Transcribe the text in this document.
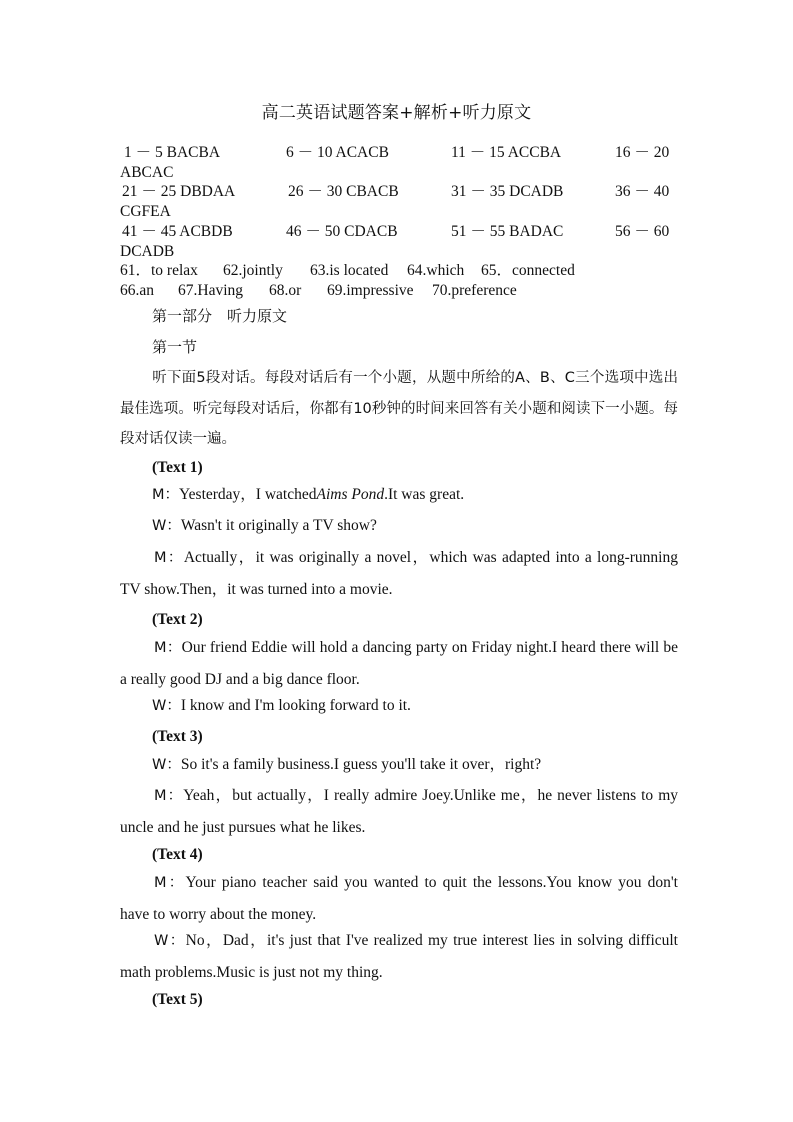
高二英语试题答案+解析+听力原文
1 － 5 BACBA	6 － 10 ACACB	11 － 15 ACCBA	16 － 20
ABCAC
21 － 25 DBDAA	26 － 30 CBACB	31 － 35 DCADB	36 － 40
CGFEA
41 － 45 ACBDB	46 － 50 CDACB	51 － 55 BADAC	56 － 60
DCADB
61．to relax 62.jointly 63.is located 64.which 65．connected
66.an 67.Having 68.or 69.impressive 70.preference
第一部分　听力原文
第一节
听下面5段对话。每段对话后有一个小题，从题中所给的A、B、C三个选项中选出最佳选项。听完每段对话后，你都有10秒钟的时间来回答有关小题和阅读下一小题。每段对话仅读一遍。
(Text 1)
M：Yesterday，I watchedAims Pond.It was great.
W：Wasn't it originally a TV show?
M：Actually，it was originally a novel，which was adapted into a long-running TV show.Then，it was turned into a movie.
(Text 2)
M：Our friend Eddie will hold a dancing party on Friday night.I heard there will be a really good DJ and a big dance floor.
W：I know and I'm looking forward to it.
(Text 3)
W：So it's a family business.I guess you'll take it over，right?
M：Yeah，but actually，I really admire Joey.Unlike me，he never listens to my uncle and he just pursues what he likes.
(Text 4)
M：Your piano teacher said you wanted to quit the lessons.You know you don't have to worry about the money.
W：No，Dad，it's just that I've realized my true interest lies in solving difficult math problems.Music is just not my thing.
(Text 5)
